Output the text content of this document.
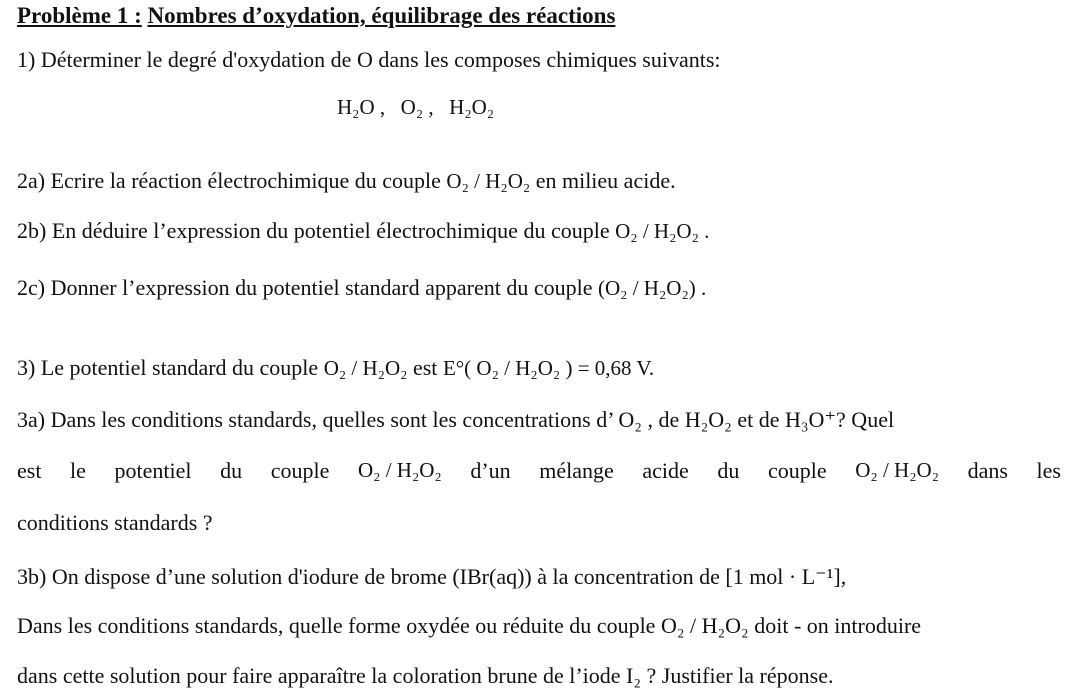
Problème 1 : Nombres d’oxydation, équilibrage des réactions
1) Déterminer le degré d'oxydation de O dans les composes chimiques suivants:
H₂O , O₂ , H₂O₂
2a) Ecrire la réaction électrochimique du couple O₂ / H₂O₂ en milieu acide.
2b) En déduire l’expression du potentiel électrochimique du couple O₂ / H₂O₂ .
2c) Donner l’expression du potentiel standard apparent du couple (O₂ / H₂O₂) .
3) Le potentiel standard du couple O₂ / H₂O₂ est E°( O₂ / H₂O₂ ) = 0,68 V.
3a) Dans les conditions standards, quelles sont les concentrations d’ O₂ , de H₂O₂ et de H₃O⁺? Quel
est le potentiel du couple O₂ / H₂O₂ d’un mélange acide du couple O₂ / H₂O₂ dans les
conditions standards ?
3b) On dispose d’une solution d'iodure de brome (IBr(aq)) à la concentration de [1 mol · L⁻¹],
Dans les conditions standards, quelle forme oxydée ou réduite du couple O₂ / H₂O₂ doit - on introduire
dans cette solution pour faire apparaître la coloration brune de l’iode I₂ ? Justifier la réponse.
